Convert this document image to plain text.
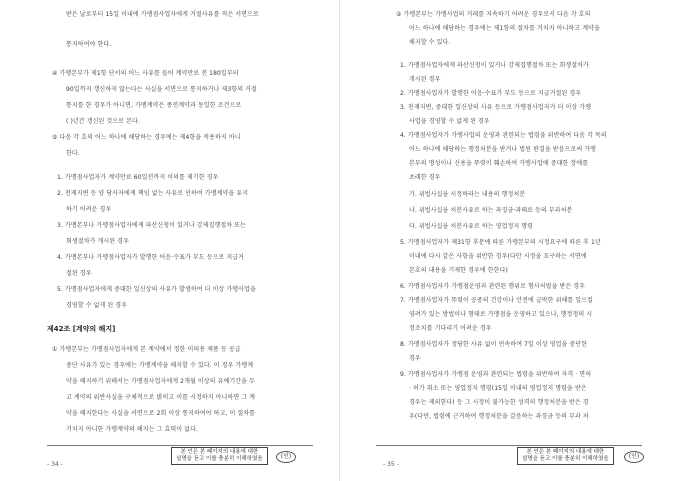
받은 날로부터 15일 이내에 가맹점사업자에게 거절사유를 적은 서면으로
통지하여야 한다.
④ 가맹본부가 제1항 단서의 어느 사유를 들어 계약만료 전 180일부터
90일까지 갱신하지 않는다는 사실을 서면으로 통지하거나 제3항의 거절
통지를 한 경우가 아니면, 가맹계약은 종전계약과 동일한 조건으로
( )년간 갱신된 것으로 본다.
⑤ 다음 각 호의 어느 하나에 해당하는 경우에는 제4항을 적용하지 아니
한다.
1. 가맹점사업자가 계약만료 60일전까지 이의를 제기한 경우
2. 천재지변 등 양 당사자에게 책임 없는 사유로 인하여 가맹계약을 유지
하기 어려운 경우
3. 가맹본부나 가맹점사업자에게 파산신청이 있거나 강제집행절차 또는
회생절차가 개시된 경우
4. 가맹본부나 가맹점사업자가 발행한 어음·수표가 부도 등으로 지급거
절된 경우
5. 가맹점사업자에게 중대한 일신상의 사유가 발생하여 더 이상 가맹사업을
경영할 수 없게 된 경우
제42조 [계약의 해지]
① 가맹본부는 가맹점사업자에게 본 계약에서 정한 이의용 제품 등 공급
중단 사유가 있는 경우에는 가맹계약을 해지할 수 있다. 이 경우 가맹계
약을 해지하기 위해서는 가맹점사업자에게 2개월 이상의 유예기간을 두
고 계약의 위반사실을 구체적으로 밝히고 이를 시정하지 아니하면 그 계
약을 해지한다는 사실을 서면으로 2회 이상 통지하여야 하고, 이 절차를
거치지 아니한 가맹계약의 해지는 그 효력이 없다.
- 34 -
본 인은 본 페이지의 내용에 대한
설명을 듣고 이를 충분히 이해하였음	(인)
② 가맹본부는 가맹사업의 거래를 지속하기 어려운 경우로서 다음 각 호의
어느 하나에 해당하는 경우에는 제1항의 절차를 거치지 아니하고 계약을
해지할 수 있다.
1. 가맹점사업자에게 파산신청이 있거나 강제집행절차 또는 회생절차가
개시된 경우
2. 가맹점사업자가 발행한 어음·수표가 부도 등으로 지급거절된 경우
3. 천재지변, 중대한 일신상의 사유 등으로 가맹점사업자가 더 이상 가맹
사업을 경영할 수 없게 된 경우
4. 가맹점사업자가 가맹사업의 운영과 관련되는 법령을 위반하여 다음 각 목의
어느 하나에 해당하는 행정처분을 받거나 법원 판결을 받음으로써 가맹
본부의 명성이나 신용을 뚜렷이 훼손하여 가맹사업에 중대한 장애를
초래한 경우
가. 위법사실을 시정하라는 내용의 행정처분
나. 위법사실을 처분사유로 하는 과징금·과태료 등의 부과처분
다. 위법사실을 처분사유로 하는 영업정지 명령
5. 가맹점사업자가 제31항 후문에 따른 가맹본부의 시정요구에 따른 후 1년
이내에 다시 같은 사항을 위반한 경우(다만 시정을 요구하는 서면에
본호의 내용을 기재한 경우에 한한다)
6. 가맹점사업자가 가맹점운영과 관련된 행위로 형사처벌을 받은 경우
7. 가맹점사업자가 뚜렷이 공중의 건강이나 안전에 급박한 위해를 일으킬
염려가 있는 방법이나 형태로 가맹점을 운영하고 있으나, 행정청의 시
정조치를 기다리기 어려운 경우
8. 가맹점사업자가 정당한 사유 없이 연속하여 7일 이상 영업을 중단한
경우
9. 가맹점사업자가 가맹점 운영과 관련되는 법령을 위반하여 자격 · 면허
· 허가 취소 또는 영업정지 명령(15일 이내의 영업정지 명령을 받은
경우는 제외한다) 등 그 시정이 불가능한 성격의 행정처분을 받은 경
우(다만, 법령에 근거하여 행정처분을 갈음하는 과징금 등의 부과 처
- 35 -
본 인은 본 페이지의 내용에 대한
설명을 듣고 이를 충분히 이해하였음	(인)
